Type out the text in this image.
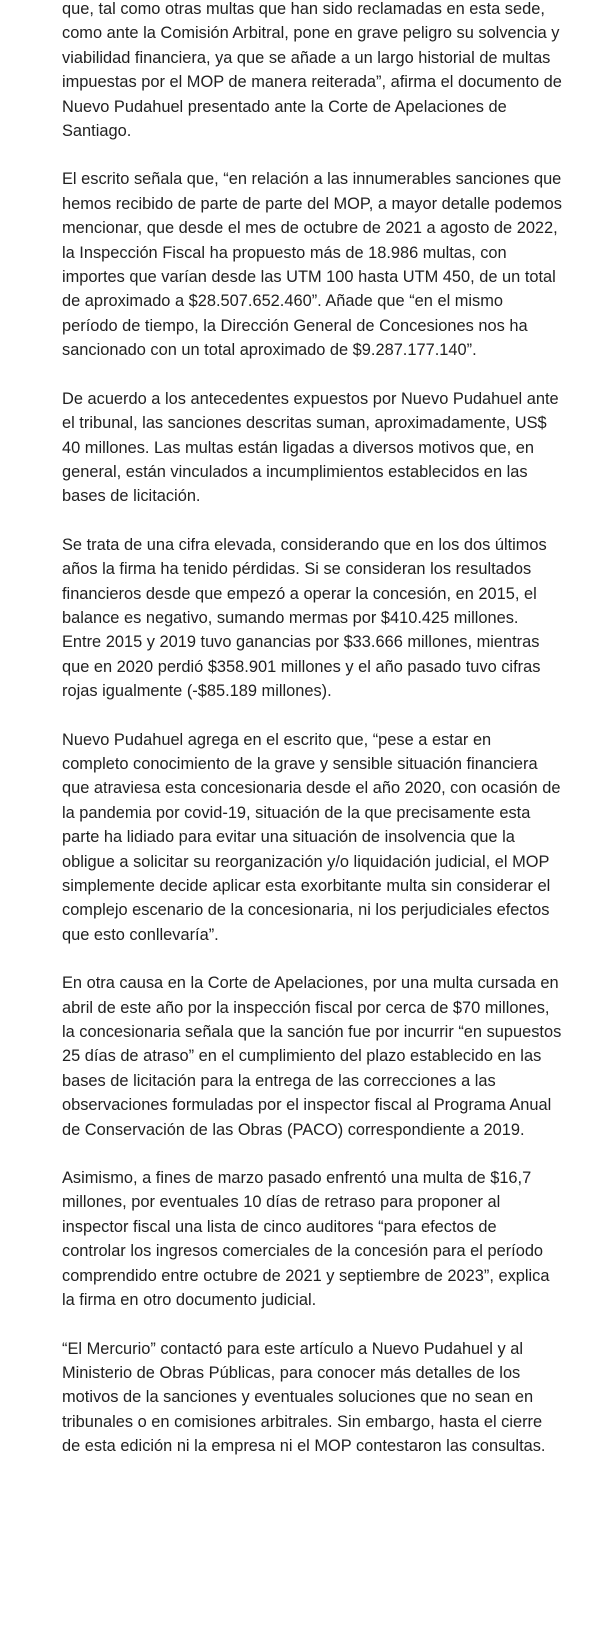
que, tal como otras multas que han sido reclamadas en esta sede, como ante la Comisión Arbitral, pone en grave peligro su solvencia y viabilidad financiera, ya que se añade a un largo historial de multas impuestas por el MOP de manera reiterada”, afirma el documento de Nuevo Pudahuel presentado ante la Corte de Apelaciones de Santiago.

El escrito señala que, “en relación a las innumerables sanciones que hemos recibido de parte de parte del MOP, a mayor detalle podemos mencionar, que desde el mes de octubre de 2021 a agosto de 2022, la Inspección Fiscal ha propuesto más de 18.986 multas, con importes que varían desde las UTM 100 hasta UTM 450, de un total de aproximado a $28.507.652.460”. Añade que “en el mismo período de tiempo, la Dirección General de Concesiones nos ha sancionado con un total aproximado de $9.287.177.140”.

De acuerdo a los antecedentes expuestos por Nuevo Pudahuel ante el tribunal, las sanciones descritas suman, aproximadamente, US$ 40 millones. Las multas están ligadas a diversos motivos que, en general, están vinculados a incumplimientos establecidos en las bases de licitación.

Se trata de una cifra elevada, considerando que en los dos últimos años la firma ha tenido pérdidas. Si se consideran los resultados financieros desde que empezó a operar la concesión, en 2015, el balance es negativo, sumando mermas por $410.425 millones. Entre 2015 y 2019 tuvo ganancias por $33.666 millones, mientras que en 2020 perdió $358.901 millones y el año pasado tuvo cifras rojas igualmente (-$85.189 millones).

Nuevo Pudahuel agrega en el escrito que, “pese a estar en completo conocimiento de la grave y sensible situación financiera que atraviesa esta concesionaria desde el año 2020, con ocasión de la pandemia por covid-19, situación de la que precisamente esta parte ha lidiado para evitar una situación de insolvencia que la obligue a solicitar su reorganización y/o liquidación judicial, el MOP simplemente decide aplicar esta exorbitante multa sin considerar el complejo escenario de la concesionaria, ni los perjudiciales efectos que esto conllevaría”.

En otra causa en la Corte de Apelaciones, por una multa cursada en abril de este año por la inspección fiscal por cerca de $70 millones, la concesionaria señala que la sanción fue por incurrir “en supuestos 25 días de atraso” en el cumplimiento del plazo establecido en las bases de licitación para la entrega de las correcciones a las observaciones formuladas por el inspector fiscal al Programa Anual de Conservación de las Obras (PACO) correspondiente a 2019.

Asimismo, a fines de marzo pasado enfrentó una multa de $16,7 millones, por eventuales 10 días de retraso para proponer al inspector fiscal una lista de cinco auditores “para efectos de controlar los ingresos comerciales de la concesión para el período comprendido entre octubre de 2021 y septiembre de 2023”, explica la firma en otro documento judicial.

“El Mercurio” contactó para este artículo a Nuevo Pudahuel y al Ministerio de Obras Públicas, para conocer más detalles de los motivos de la sanciones y eventuales soluciones que no sean en tribunales o en comisiones arbitrales. Sin embargo, hasta el cierre de esta edición ni la empresa ni el MOP contestaron las consultas.
